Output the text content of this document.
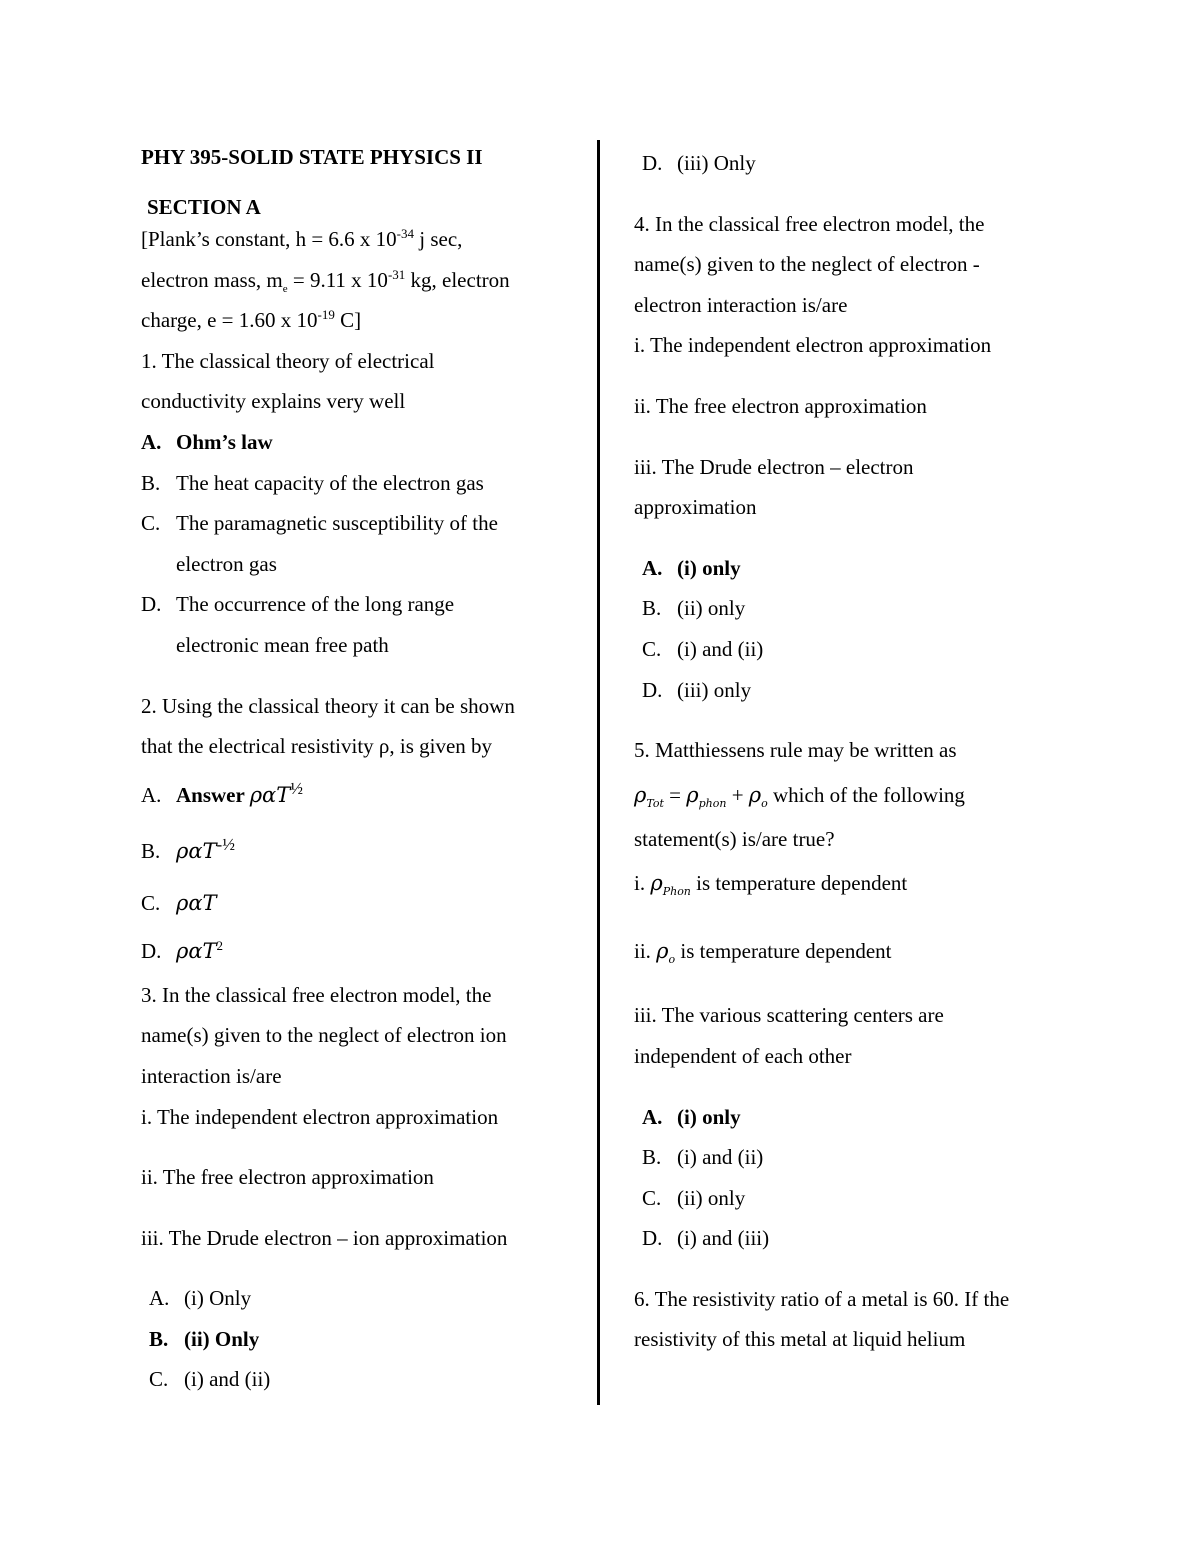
PHY 395-SOLID STATE PHYSICS II
SECTION A
[Plank’s constant, h = 6.6 x $10^{-34}$ j sec,
electron mass, $m_e = 9.11$ x $10^{-31}$ kg, electron
charge, e = 1.60 x $10^{-19}$ C]
1. The classical theory of electrical
conductivity explains very well
A. Ohm’s law
B. The heat capacity of the electron gas
C. The paramagnetic susceptibility of the
electron gas
D. The occurrence of the long range
electronic mean free path
2. Using the classical theory it can be shown
that the electrical resistivity ρ, is given by
A. Answer ραT$^{\frac{1}{2}}$
B. ραT$^{-\frac{1}{2}}$
C. ραT
D. ραT$^2$
3. In the classical free electron model, the
name(s) given to the neglect of electron ion
interaction is/are
i. The independent electron approximation
ii. The free electron approximation
iii. The Drude electron – ion approximation
A. (i) Only
B. (ii) Only
C. (i) and (ii)
D. (iii) Only
4. In the classical free electron model, the
name(s) given to the neglect of electron -
electron interaction is/are
i. The independent electron approximation
ii. The free electron approximation
iii. The Drude electron – electron
approximation
A. (i) only
B. (ii) only
C. (i) and (ii)
D. (iii) only
5. Matthiessens rule may be written as
$\rho_{Tot} = \rho_{phon} + \rho_o$ which of the following
statement(s) is/are true?
i. $\rho_{Phon}$ is temperature dependent
ii. $\rho_o$ is temperature dependent
iii. The various scattering centers are
independent of each other
A. (i) only
B. (i) and (ii)
C. (ii) only
D. (i) and (iii)
6. The resistivity ratio of a metal is 60. If the
resistivity of this metal at liquid helium
